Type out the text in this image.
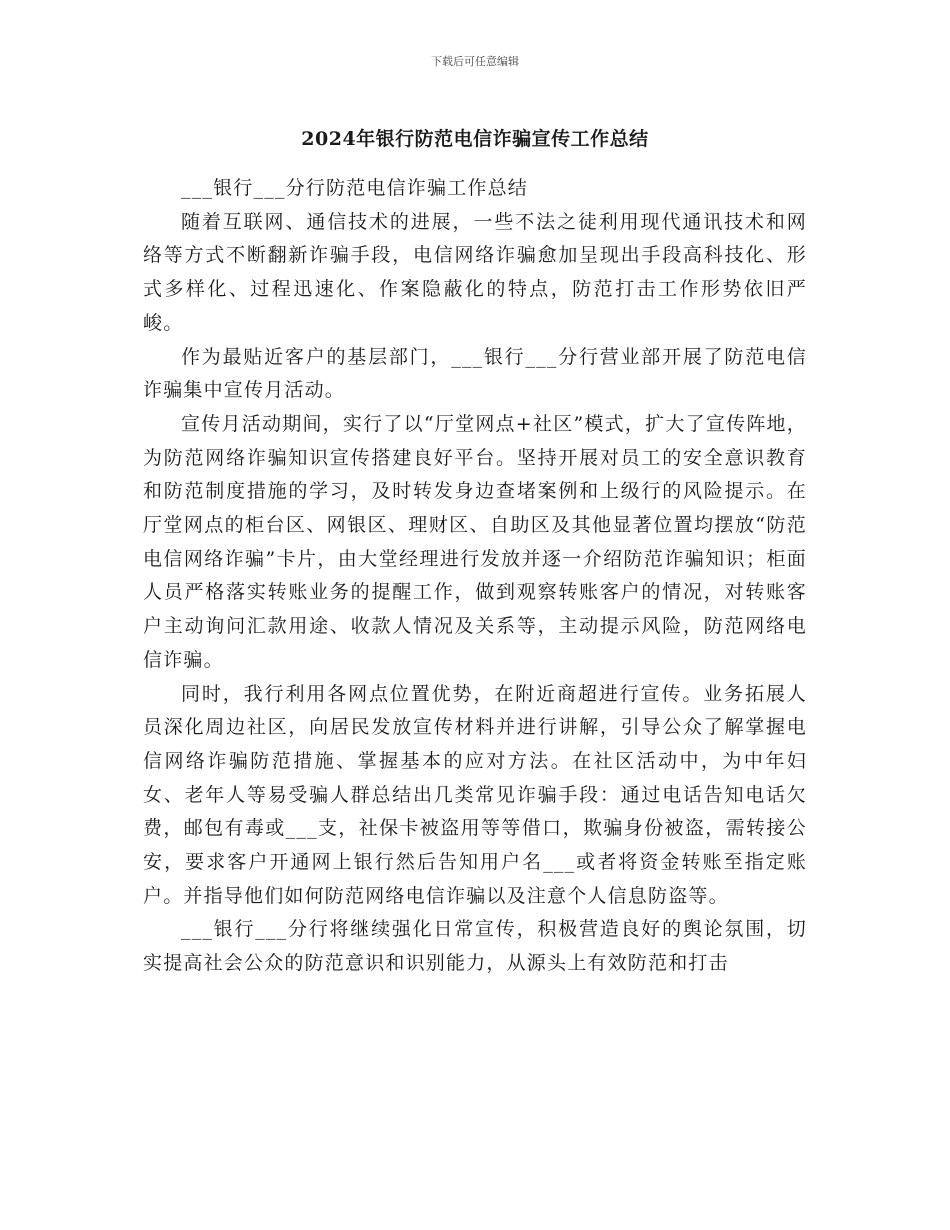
下载后可任意编辑
2024年银行防范电信诈骗宣传工作总结

___银行___分行防范电信诈骗工作总结

随着互联网、通信技术的进展，一些不法之徒利用现代通讯技术和网络等方式不断翻新诈骗手段，电信网络诈骗愈加呈现出手段高科技化、形式多样化、过程迅速化、作案隐蔽化的特点，防范打击工作形势依旧严峻。

作为最贴近客户的基层部门，___银行___分行营业部开展了防范电信诈骗集中宣传月活动。

宣传月活动期间，实行了以“厅堂网点+社区”模式，扩大了宣传阵地，为防范网络诈骗知识宣传搭建良好平台。坚持开展对员工的安全意识教育和防范制度措施的学习，及时转发身边查堵案例和上级行的风险提示。在厅堂网点的柜台区、网银区、理财区、自助区及其他显著位置均摆放“防范电信网络诈骗”卡片，由大堂经理进行发放并逐一介绍防范诈骗知识；柜面人员严格落实转账业务的提醒工作，做到观察转账客户的情况，对转账客户主动询问汇款用途、收款人情况及关系等，主动提示风险，防范网络电信诈骗。

同时，我行利用各网点位置优势，在附近商超进行宣传。业务拓展人员深化周边社区，向居民发放宣传材料并进行讲解，引导公众了解掌握电信网络诈骗防范措施、掌握基本的应对方法。在社区活动中，为中年妇女、老年人等易受骗人群总结出几类常见诈骗手段：通过电话告知电话欠费，邮包有毒或___支，社保卡被盗用等等借口，欺骗身份被盗，需转接公安，要求客户开通网上银行然后告知用户名___或者将资金转账至指定账户。并指导他们如何防范网络电信诈骗以及注意个人信息防盗等。

___银行___分行将继续强化日常宣传，积极营造良好的舆论氛围，切实提高社会公众的防范意识和识别能力，从源头上有效防范和打击
